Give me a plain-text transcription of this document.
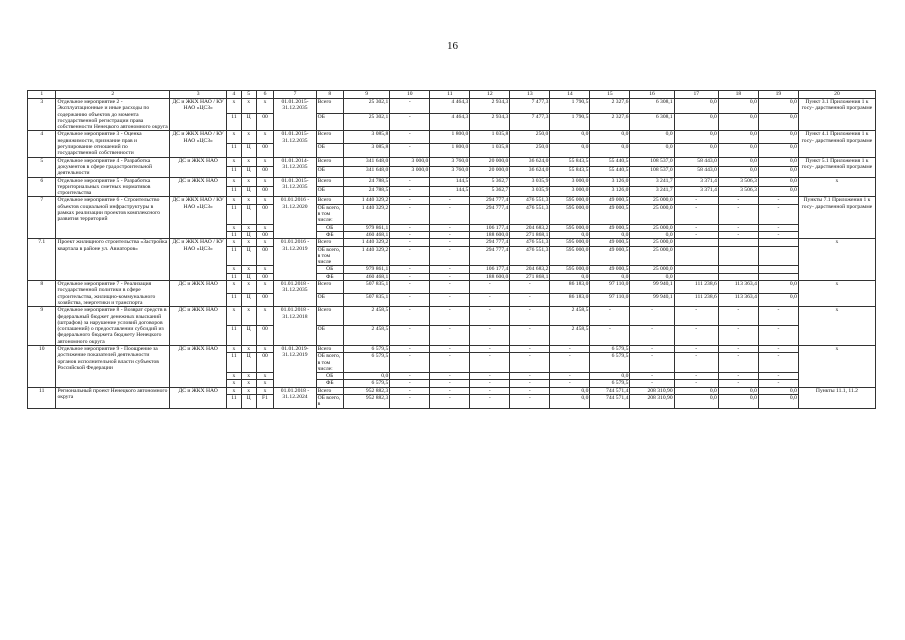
16
1	2	3	4	5	6	7	8	9	10	11	12	13	14	15	16	17	18	19	20
3	Отдельное мероприятие 2 - Эксплуатационные и иные расходы по содержанию объектов до момента государственной регистрации права собственности Ненецкого автономного округа	ДС и ЖКХ НАО / КУ НАО «ЦСЗ»	х	х	х	01.01.2015- 31.12.2035	Всего	25 302,1	-	4 464,3	2 934,3	7 477,3	1 790,5	2 327,6	6 308,1	0,0	0,0	0,0	Пункт 3.1 Приложения 1 к госу- дарственной программе
			11	Ц	00		ОБ	25 302,1	-	4 464,3	2 934,3	7 477,3	1 790,5	2 327,6	6 308,1	0,0	0,0	0,0	
4	Отдельное мероприятие 3 - Оценка недвижимости, признание прав и регулирование отношений по государственной собственности	ДС и ЖКХ НАО / КУ НАО «ЦСЗ»	х	х	х	01.01.2015- 31.12.2035	Всего	3 085,8	-	1 800,0	1 035,8	250,0	0,0	0,0	0,0	0,0	0,0	0,0	Пункт 4.1 Приложения 1 к госу- дарственной программе
			11	Ц	00		ОБ	3 085,8	-	1 800,0	1 035,8	250,0	0,0	0,0	0,0	0,0	0,0	0,0	
5	Отдельное мероприятие 4 - Разработка документов в сфере градостроительной деятельности	ДС и ЖКХ НАО	х	х	х	01.01.2014- 31.12.2035	Всего	341 648,0	3 000,0	3 760,0	20 000,0	36 624,0	55 843,5	55 440,5	108 537,0	58 443,0	0,0	0,0	Пункт 5.1 Приложения 1 к госу- дарственной программе
			11	Ц	00		ОБ	341 648,0	3 000,0	3 760,0	20 000,0	36 624,0	55 843,5	55 440,5	108 537,0	58 443,0	0,0	0,0	
6	Отдельное мероприятие 5 - Разработка территориальных сметных нормативов строительства	ДС и ЖКХ НАО	х	х	х	01.01.2015- 31.12.2035	Всего	24 788,5	-	144,5	5 362,7	3 035,9	3 000,0	3 126,0	3 241,7	3 371,4	3 506,3	0,0	х
			11	Ц	00		ОБ	24 788,5	-	144,5	5 362,7	3 035,9	3 000,0	3 126,0	3 241,7	3 371,4	3 506,3	0,0	
7	Отдельное мероприятие 6 - Строительство объектов социальной инфраструктуры в рамках реализации проектов комплексного развития территорий	ДС и ЖКХ НАО / КУ НАО «ЦСЗ»	х	х	х	01.01.2016 - 31.12.2020	Всего	1 440 329,2	-	-	294 777,4	476 551,3	595 000,0	49 000,5	25 000,0	-	-	-	Пункты 7.1 Приложения 1 к госу- дарственной программе
			11	Ц	00		ОБ всего, в том числе:	1 440 329,2	-	-	294 777,4	476 551,3	595 000,0	49 000,5	25 000,0	-	-	-	
			х	х	х		ОБ	979 861,1	-	-	106 177,4	204 683,2	595 000,0	49 000,5	25 000,0	-	-	-	
			11	Ц	00		ФБ	460 468,1	-	-	188 600,0	271 868,1	0,0	0,0	0,0	-	-	-	
7.1	Проект жилищного строительства «Застройка квартала в районе ул. Авиаторов»	ДС и ЖКХ НАО / КУ НАО «ЦСЗ»	х	х	х	01.01.2016 - 31.12.2019	Всего	1 440 329,2	-	-	294 777,4	476 551,3	595 000,0	49 000,5	25 000,0				х
			11	Ц	00		ОБ всего, в том числе	1 440 329,2	-	-	294 777,4	476 551,3	595 000,0	49 000,5	25 000,0				
			х	х	х		ОБ	979 861,1	-	-	106 177,4	204 683,2	595 000,0	49 000,5	25 000,0				
			11	Ц	00		ФБ	460 468,1	-	-	188 600,0	271 868,1	0,0	0,0	0,0				
8	Отдельное мероприятие 7 - Реализация государственной политики в сфере строительства, жилищно-коммунального хозяйства, энергетики и транспорта	ДС и ЖКХ НАО	х	х	х	01.01.2018 - 31.12.2035	Всего	507 835,1	-	-	-	-	86 183,0	97 110,0	99 940,1	111 238,6	113 363,4	0,0	х
			11	Ц	00		ОБ	507 835,1	-	-	-	-	86 183,0	97 110,0	99 940,1	111 238,6	113 363,4	0,0	
9	Отдельное мероприятие 8 - Возврат средств в федеральный бюджет денежных взысканий (штрафов) за нарушение условий договоров (соглашений) о предоставлении субсидий из федерального бюджета бюджету Ненецкого автономного округа	ДС и ЖКХ НАО	х	х	х	01.01.2018 - 31.12.2018	Всего	2 458,5	-	-	-	-	2 458,5	-	-	-	-	-	х
			11	Ц	00		ОБ	2 458,5	-	-	-	-	2 458,5	-	-	-	-	-	
10	Отдельное мероприятие 9 - Поощрение за достижение показателей деятельности органов исполнительной власти субъектов Российской Федерации	ДС и ЖКХ НАО	х	х	х	01.01.2019- 31.12.2019	Всего	6 579,5	-	-	-	-	-	6 579,5	-	-	-	-	х
			11	Ц	00		ОБ всего, в том числе:	6 579,5	-	-	-	-	-	6 579,5	-	-	-	-	
			х	х	х		ОБ	0,0	-	-	-	-	-	0,0	-	-	-	-	
			х	х	х		ФБ	6 579,5	-	-	-	-	-	6 579,5	-	-	-	-	
11	Региональный проект Ненецкого автономного округа	ДС и ЖКХ НАО	х	х	х	01.01.2018 - 31.12.2024	Всего	952 882,3	-	-	-	-	0,0	744 571,4	208 310,90	0,0	0,0	0,0	Пункты 11.1, 11.2
			11	Ц	F1		ОБ всего, в	952 882,3	-	-	-	-	0,0	744 571,4	208 310,90	0,0	0,0	0,0	
